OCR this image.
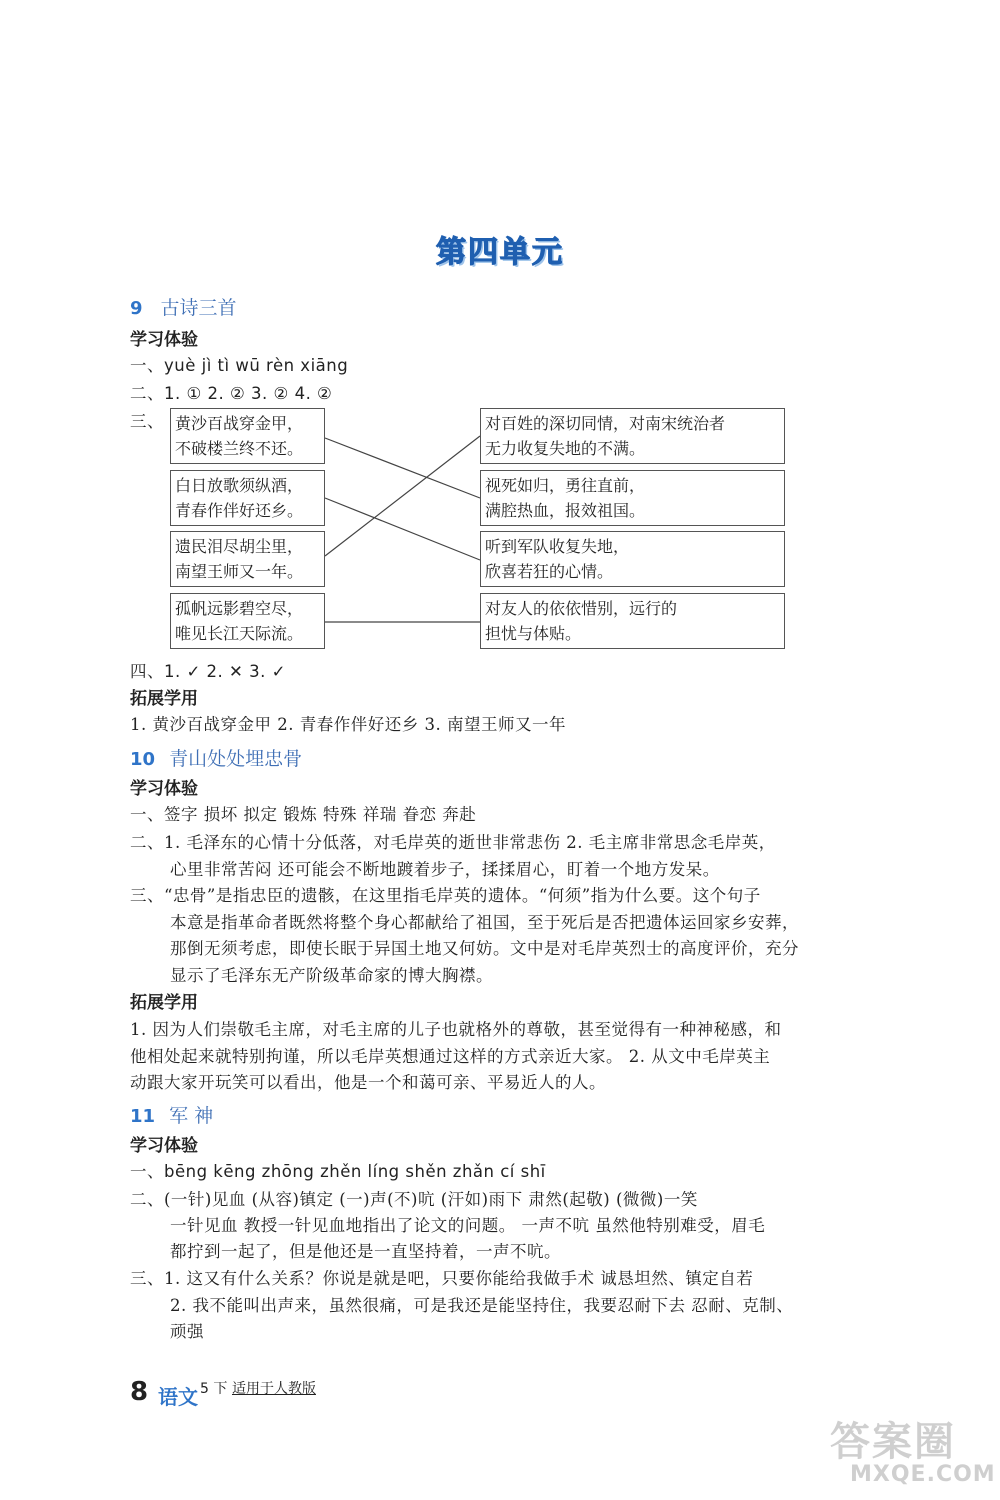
第四单元
9 古诗三首
学习体验
一、yuè jì tì wū rèn xiāng
二、1. ① 2. ② 3. ② 4. ②
三、 黄沙百战穿金甲，
不破楼兰终不还。
白日放歌须纵酒，
青春作伴好还乡。
遗民泪尽胡尘里，
南望王师又一年。
孤帆远影碧空尽，
唯见长江天际流。
对百姓的深切同情，对南宋统治者
无力收复失地的不满。
视死如归，勇往直前，
满腔热血，报效祖国。
听到军队收复失地，
欣喜若狂的心情。
对友人的依依惜别，远行的
担忧与体贴。
四、1. ✓ 2. ✕ 3. ✓
拓展学用
1. 黄沙百战穿金甲 2. 青春作伴好还乡 3. 南望王师又一年
10 青山处处埋忠骨
学习体验
一、签字 损坏 拟定 锻炼 特殊 祥瑞 眷恋 奔赴
二、1. 毛泽东的心情十分低落，对毛岸英的逝世非常悲伤 2. 毛主席非常思念毛岸英，
心里非常苦闷 还可能会不断地踱着步子，揉揉眉心，盯着一个地方发呆。
三、“忠骨”是指忠臣的遗骸，在这里指毛岸英的遗体。“何须”指为什么要。这个句子
本意是指革命者既然将整个身心都献给了祖国，至于死后是否把遗体运回家乡安葬，
那倒无须考虑，即使长眠于异国土地又何妨。文中是对毛岸英烈士的高度评价，充分
显示了毛泽东无产阶级革命家的博大胸襟。
拓展学用
1. 因为人们崇敬毛主席，对毛主席的儿子也就格外的尊敬，甚至觉得有一种神秘感，和
他相处起来就特别拘谨，所以毛岸英想通过这样的方式亲近大家。 2. 从文中毛岸英主
动跟大家开玩笑可以看出，他是一个和蔼可亲、平易近人的人。
11 军 神
学习体验
一、bēng kēng zhōng zhěn líng shěn zhǎn cí shī
二、(一针)见血 (从容)镇定 (一)声(不)吭 (汗如)雨下 肃然(起敬) (微微)一笑
一针见血 教授一针见血地指出了论文的问题。 一声不吭 虽然他特别难受，眉毛
都拧到一起了，但是他还是一直坚持着，一声不吭。
三、1. 这又有什么关系？你说是就是吧，只要你能给我做手术 诚恳坦然、镇定自若
2. 我不能叫出声来，虽然很痛，可是我还是能坚持住，我要忍耐下去 忍耐、克制、
顽强
8 语文 5 下 适用于人教版
答案圈
MXQE.COM
